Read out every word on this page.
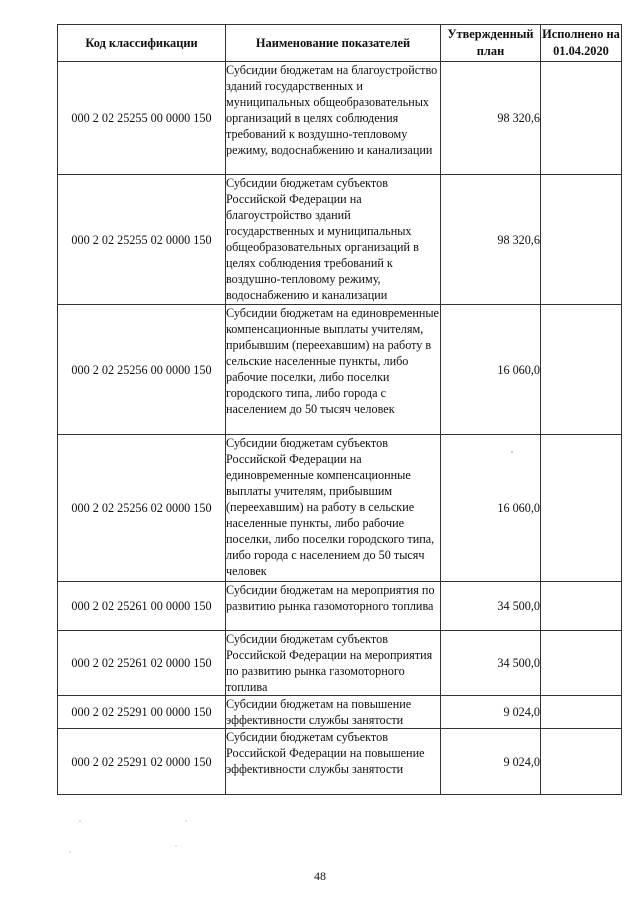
Код классификации	Наименование показателей	Утвержденный план	Исполнено на 01.04.2020
000 2 02 25255 00 0000 150	Субсидии бюджетам на благоустройство зданий государственных и муниципальных общеобразовательных организаций в целях соблюдения требований к воздушно-тепловому режиму, водоснабжению и канализации	98 320,6	
000 2 02 25255 02 0000 150	Субсидии бюджетам субъектов Российской Федерации на благоустройство зданий государственных и муниципальных общеобразовательных организаций в целях соблюдения требований к воздушно-тепловому режиму, водоснабжению и канализации	98 320,6	
000 2 02 25256 00 0000 150	Субсидии бюджетам на единовременные компенсационные выплаты учителям, прибывшим (переехавшим) на работу в сельские населенные пункты, либо рабочие поселки, либо поселки городского типа, либо города с населением до 50 тысяч человек	16 060,0	
000 2 02 25256 02 0000 150	Субсидии бюджетам субъектов Российской Федерации на единовременные компенсационные выплаты учителям, прибывшим (переехавшим) на работу в сельские населенные пункты, либо рабочие поселки, либо поселки городского типа, либо города с населением до 50 тысяч человек	16 060,0	
000 2 02 25261 00 0000 150	Субсидии бюджетам на мероприятия по развитию рынка газомоторного топлива	34 500,0	
000 2 02 25261 02 0000 150	Субсидии бюджетам субъектов Российской Федерации на мероприятия по развитию рынка газомоторного топлива	34 500,0	
000 2 02 25291 00 0000 150	Субсидии бюджетам на повышение эффективности службы занятости	9 024,0	
000 2 02 25291 02 0000 150	Субсидии бюджетам субъектов Российской Федерации на повышение эффективности службы занятости	9 024,0	
48
